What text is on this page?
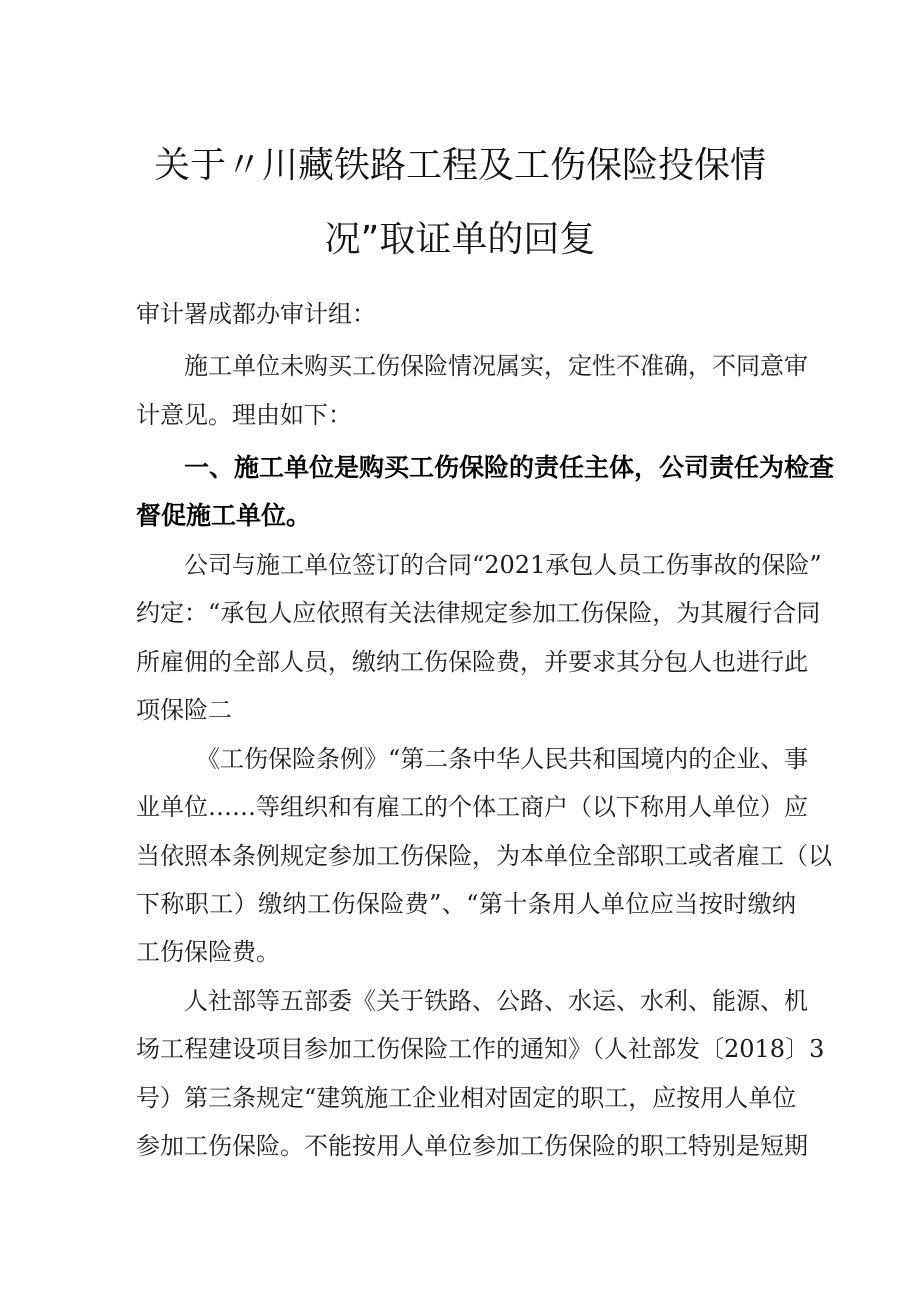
关于〃川藏铁路工程及工伤保险投保情
况”取证单的回复
审计署成都办审计组：
施工单位未购买工伤保险情况属实，定性不准确，不同意审
计意见。理由如下：
一、施工单位是购买工伤保险的责任主体，公司责任为检查
督促施工单位。
公司与施工单位签订的合同“2021承包人员工伤事故的保险”
约定：“承包人应依照有关法律规定参加工伤保险，为其履行合同
所雇佣的全部人员，缴纳工伤保险费，并要求其分包人也进行此
项保险二
《工伤保险条例》“第二条中华人民共和国境内的企业、事
业单位……等组织和有雇工的个体工商户（以下称用人单位）应
当依照本条例规定参加工伤保险，为本单位全部职工或者雇工（以
下称职工）缴纳工伤保险费”、“第十条用人单位应当按时缴纳
工伤保险费。
人社部等五部委《关于铁路、公路、水运、水利、能源、机
场工程建设项目参加工伤保险工作的通知》（人社部发〔2018〕3
号）第三条规定“建筑施工企业相对固定的职工，应按用人单位
参加工伤保险。不能按用人单位参加工伤保险的职工特别是短期
